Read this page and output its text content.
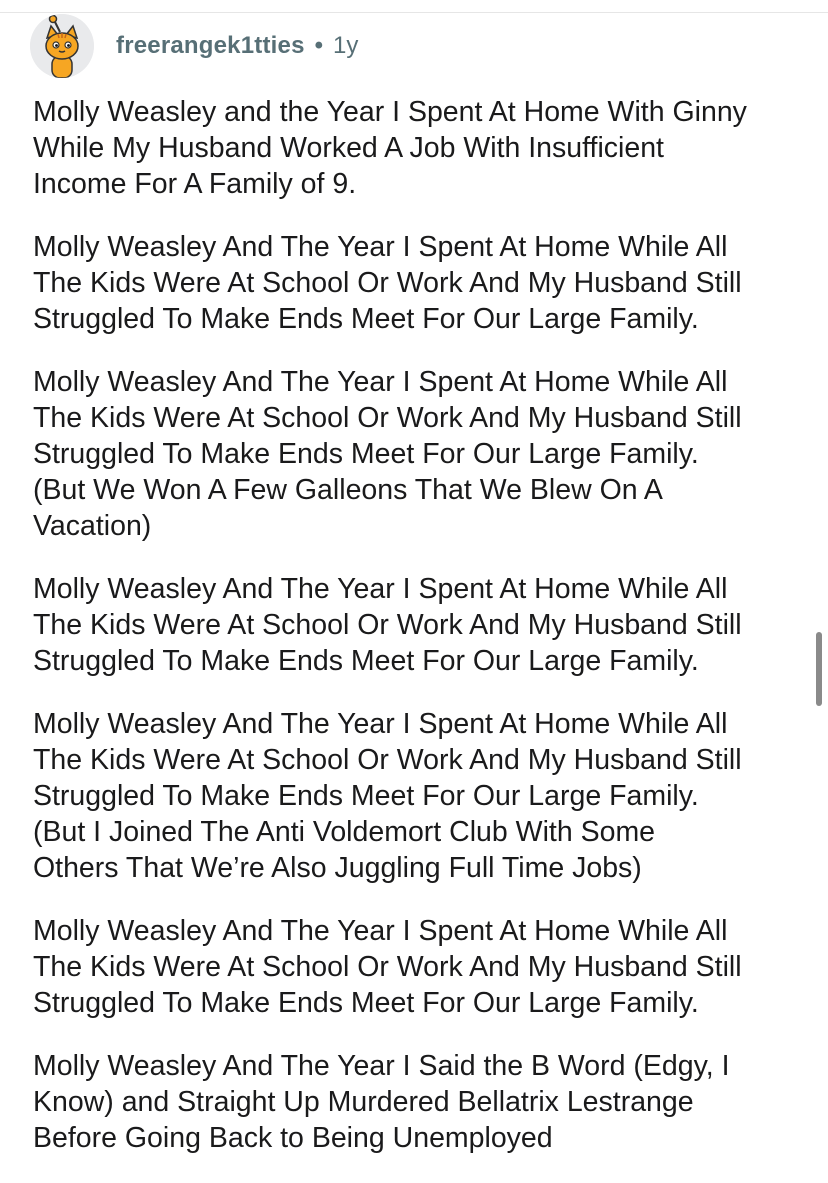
freerangek1tties • 1y

Molly Weasley and the Year I Spent At Home With Ginny
While My Husband Worked A Job With Insufficient
Income For A Family of 9.

Molly Weasley And The Year I Spent At Home While All
The Kids Were At School Or Work And My Husband Still
Struggled To Make Ends Meet For Our Large Family.

Molly Weasley And The Year I Spent At Home While All
The Kids Were At School Or Work And My Husband Still
Struggled To Make Ends Meet For Our Large Family.
(But We Won A Few Galleons That We Blew On A
Vacation)

Molly Weasley And The Year I Spent At Home While All
The Kids Were At School Or Work And My Husband Still
Struggled To Make Ends Meet For Our Large Family.

Molly Weasley And The Year I Spent At Home While All
The Kids Were At School Or Work And My Husband Still
Struggled To Make Ends Meet For Our Large Family.
(But I Joined The Anti Voldemort Club With Some
Others That We’re Also Juggling Full Time Jobs)

Molly Weasley And The Year I Spent At Home While All
The Kids Were At School Or Work And My Husband Still
Struggled To Make Ends Meet For Our Large Family.

Molly Weasley And The Year I Said the B Word (Edgy, I
Know) and Straight Up Murdered Bellatrix Lestrange
Before Going Back to Being Unemployed
